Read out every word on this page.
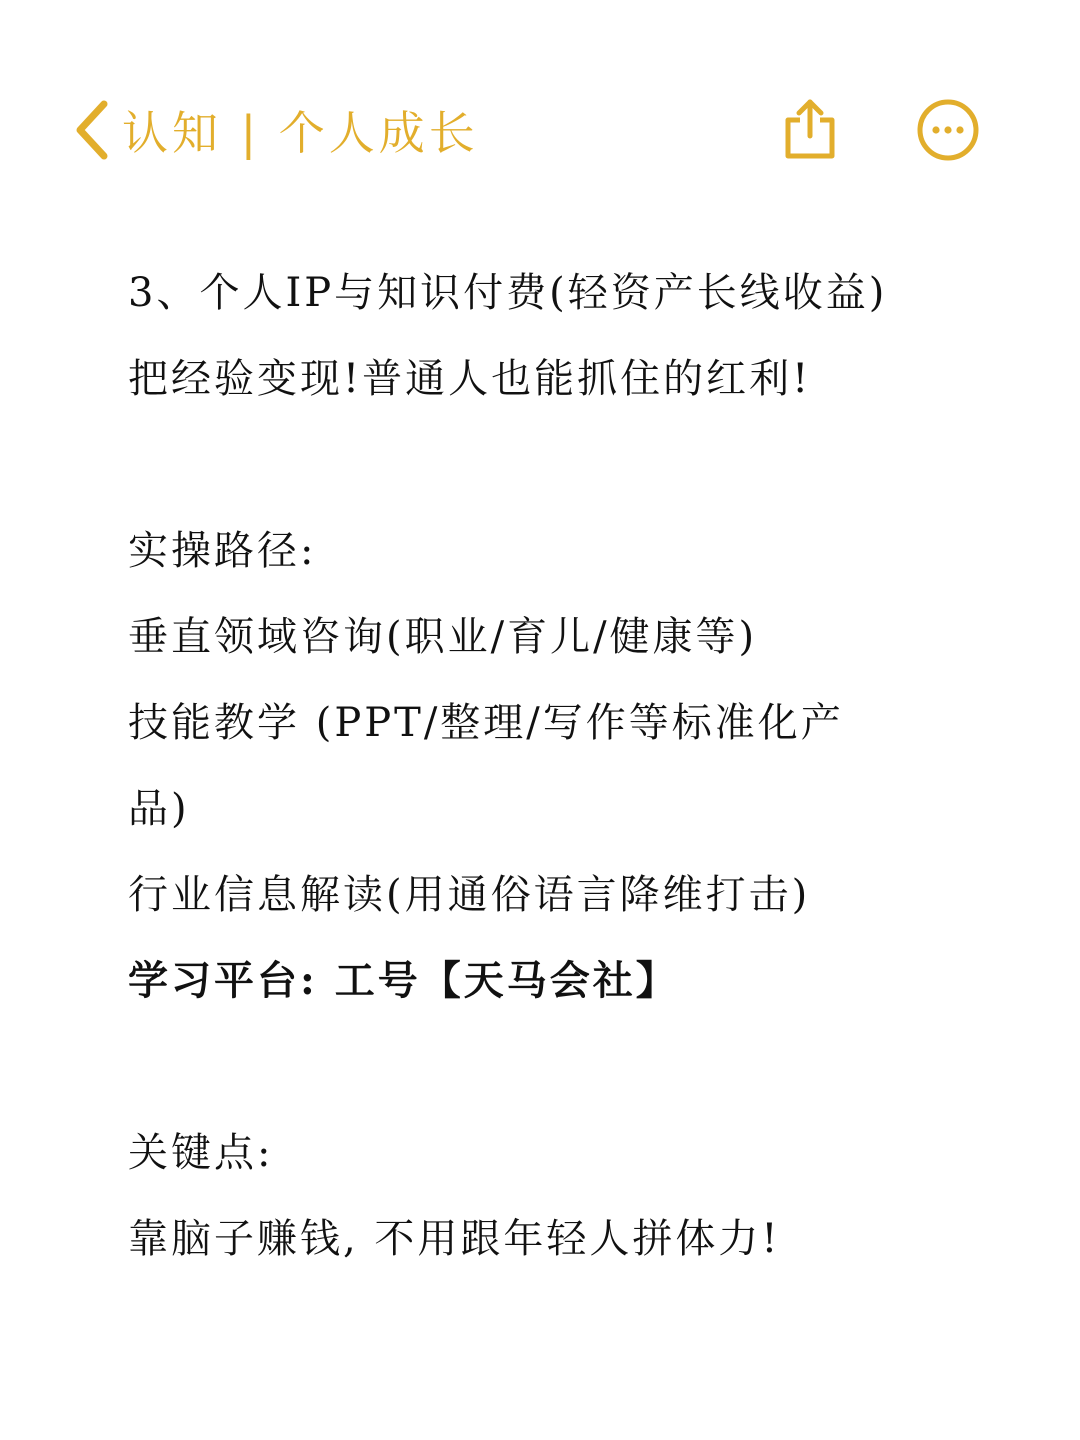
认知 | 个人成长
3、个人IP与知识付费(轻资产长线收益)
把经验变现!普通人也能抓住的红利!
实操路径:
垂直领域咨询(职业/育儿/健康等)
技能教学 (PPT/整理/写作等标准化产
品)
行业信息解读(用通俗语言降维打击)
学习平台: 工号【天马会社】
关键点:
靠脑子赚钱, 不用跟年轻人拼体力!
